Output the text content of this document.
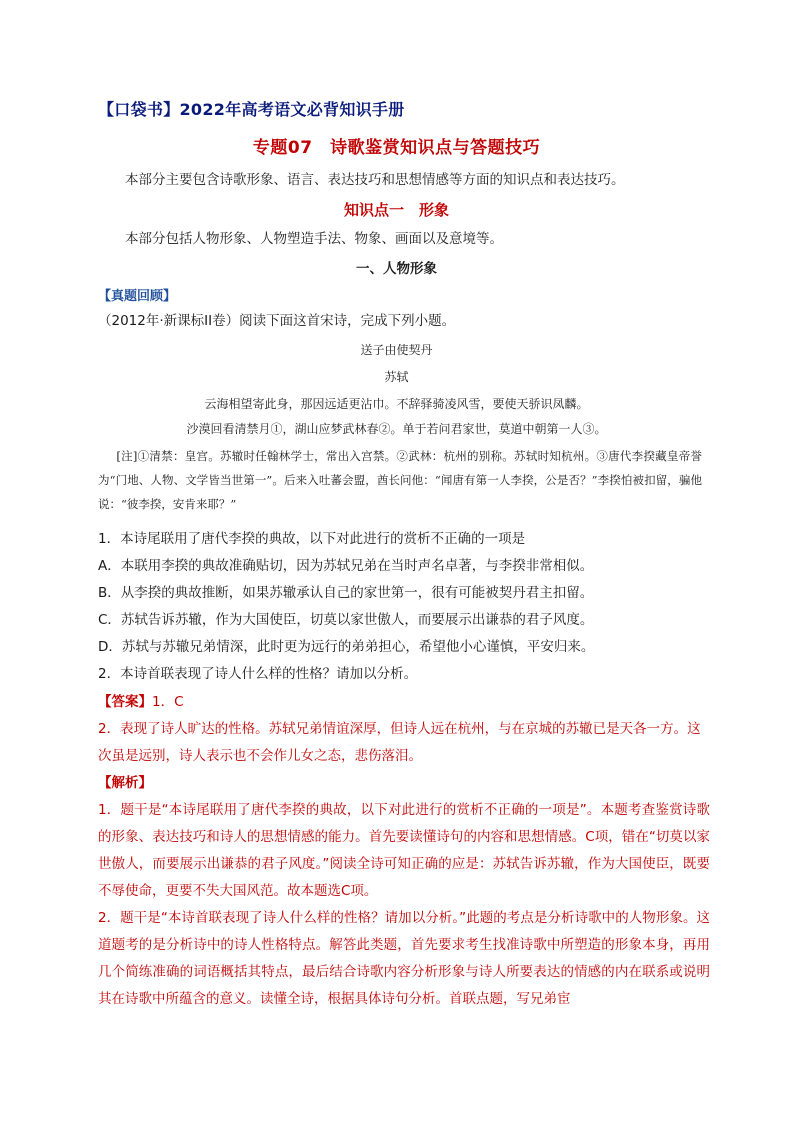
【口袋书】2022年高考语文必背知识手册
专题07　诗歌鉴赏知识点与答题技巧
本部分主要包含诗歌形象、语言、表达技巧和思想情感等方面的知识点和表达技巧。
知识点一　形象
本部分包括人物形象、人物塑造手法、物象、画面以及意境等。
一、人物形象
【真题回顾】
（2012年·新课标II卷）阅读下面这首宋诗，完成下列小题。
送子由使契丹
苏轼
云海相望寄此身，那因远适更沾巾。不辞驿骑凌风雪，要使天骄识凤麟。
沙漠回看清禁月①，湖山应梦武林春②。单于若问君家世，莫道中朝第一人③。
[注]①清禁：皇宫。苏辙时任翰林学士，常出入宫禁。②武林：杭州的别称。苏轼时知杭州。③唐代李揆藏皇帝誉为“门地、人物、文学皆当世第一”。后来入吐蕃会盟，酋长问他：“闻唐有第一人李揆，公是否？”李揆怕被扣留，骗他说：“彼李揆，安肯来耶？”
1．本诗尾联用了唐代李揆的典故，以下对此进行的赏析不正确的一项是
A．本联用李揆的典故准确贴切，因为苏轼兄弟在当时声名卓著，与李揆非常相似。
B．从李揆的典故推断，如果苏辙承认自己的家世第一，很有可能被契丹君主扣留。
C．苏轼告诉苏辙，作为大国使臣，切莫以家世傲人，而要展示出谦恭的君子风度。
D．苏轼与苏辙兄弟情深，此时更为远行的弟弟担心，希望他小心谨慎，平安归来。
2．本诗首联表现了诗人什么样的性格？请加以分析。
【答案】1．C
2．表现了诗人旷达的性格。苏轼兄弟情谊深厚，但诗人远在杭州，与在京城的苏辙已是天各一方。这次虽是远别，诗人表示也不会作儿女之态，悲伤落泪。
【解析】
1．题干是“本诗尾联用了唐代李揆的典故，以下对此进行的赏析不正确的一项是”。本题考查鉴赏诗歌的形象、表达技巧和诗人的思想情感的能力。首先要读懂诗句的内容和思想情感。C项，错在“切莫以家世傲人，而要展示出谦恭的君子风度。”阅读全诗可知正确的应是：苏轼告诉苏辙，作为大国使臣，既要不辱使命，更要不失大国风范。故本题选C项。
2．题干是“本诗首联表现了诗人什么样的性格？请加以分析。”此题的考点是分析诗歌中的人物形象。这道题考的是分析诗中的诗人性格特点。解答此类题，首先要求考生找准诗歌中所塑造的形象本身，再用几个简练准确的词语概括其特点，最后结合诗歌内容分析形象与诗人所要表达的情感的内在联系或说明其在诗歌中所蕴含的意义。读懂全诗，根据具体诗句分析。首联点题，写兄弟宦
